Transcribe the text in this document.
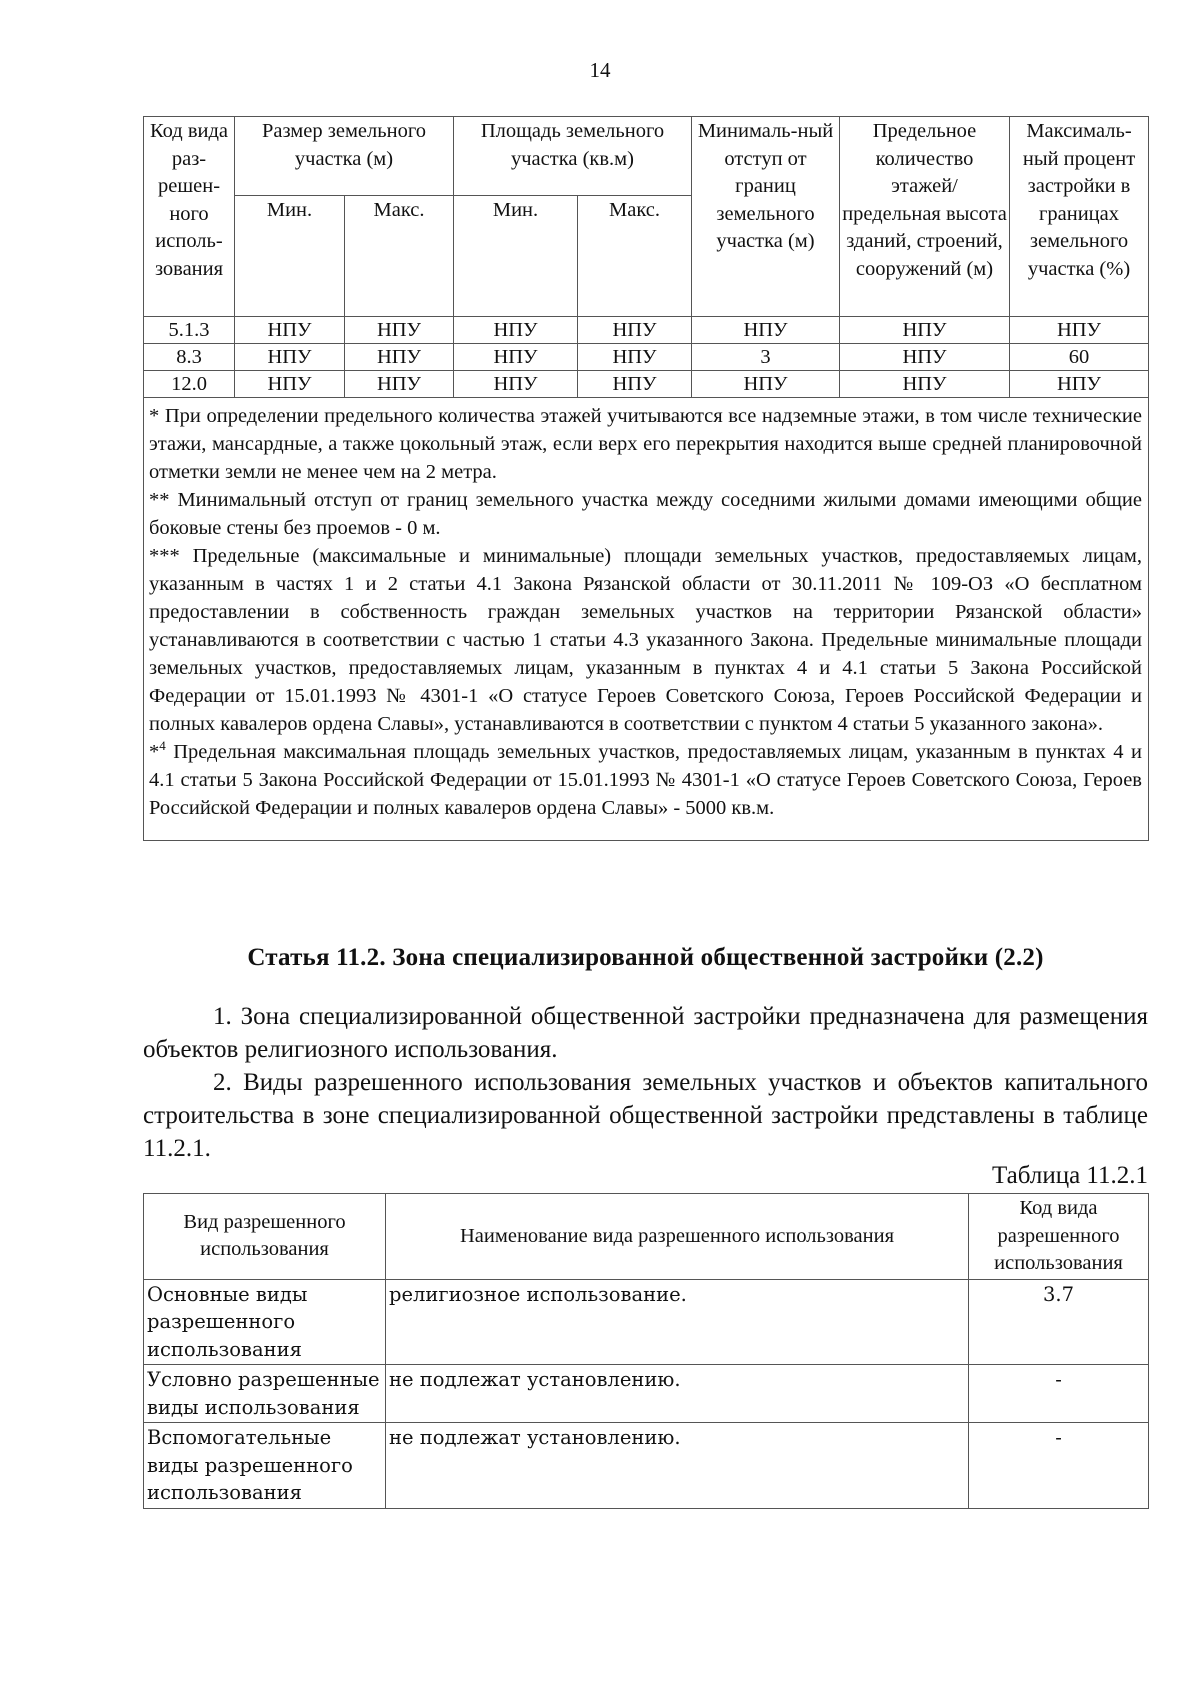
14
Код вида раз-решен-ного исполь-зования	Размер земельного участка (м)		Площадь земельного участка (кв.м)		Минималь-ный отступ от границ земельного участка (м)	Предельное количество этажей/ предельная высота зданий, строений, сооружений (м)	Максималь-ный процент застройки в границах земельного участка (%)
	Мин.	Макс.	Мин.	Макс.			
5.1.3	НПУ	НПУ	НПУ	НПУ	НПУ	НПУ	НПУ
8.3	НПУ	НПУ	НПУ	НПУ	3	НПУ	60
12.0	НПУ	НПУ	НПУ	НПУ	НПУ	НПУ	НПУ

* При определении предельного количества этажей учитываются все надземные этажи, в том числе технические этажи, мансардные, а также цокольный этаж, если верх его перекрытия находится выше средней планировочной отметки земли не менее чем на 2 метра.

** Минимальный отступ от границ земельного участка между соседними жилыми домами имеющими общие боковые стены без проемов - 0 м.

*** Предельные (максимальные и минимальные) площади земельных участков, предоставляемых лицам, указанным в частях 1 и 2 статьи 4.1 Закона Рязанской области от 30.11.2011 № 109-ОЗ «О бесплатном предоставлении в собственность граждан земельных участков на территории Рязанской области» устанавливаются в соответствии с частью 1 статьи 4.3 указанного Закона. Предельные минимальные площади земельных участков, предоставляемых лицам, указанным в пунктах 4 и 4.1 статьи 5 Закона Российской Федерации от 15.01.1993 № 4301-1 «О статусе Героев Советского Союза, Героев Российской Федерации и полных кавалеров ордена Славы», устанавливаются в соответствии с пунктом 4 статьи 5 указанного закона».

*$^4$ Предельная максимальная площадь земельных участков, предоставляемых лицам, указанным в пунктах 4 и 4.1 статьи 5 Закона Российской Федерации от 15.01.1993 № 4301-1 «О статусе Героев Советского Союза, Героев Российской Федерации и полных кавалеров ордена Славы» - 5000 кв.м.							

Статья 11.2. Зона специализированной общественной застройки (2.2)

1. Зона специализированной общественной застройки предназначена для размещения объектов религиозного использования.

2. Виды разрешенного использования земельных участков и объектов капитального строительства в зоне специализированной общественной застройки представлены в таблице 11.2.1.

Таблица 11.2.1
Вид разрешенного использования	Наименование вида разрешенного использования	Код вида разрешенного использования
Основные виды разрешенного использования	религиозное использование.	3.7
Условно разрешенные виды использования	не подлежат установлению.	-
Вспомогательные виды разрешенного использования	не подлежат установлению.	-
